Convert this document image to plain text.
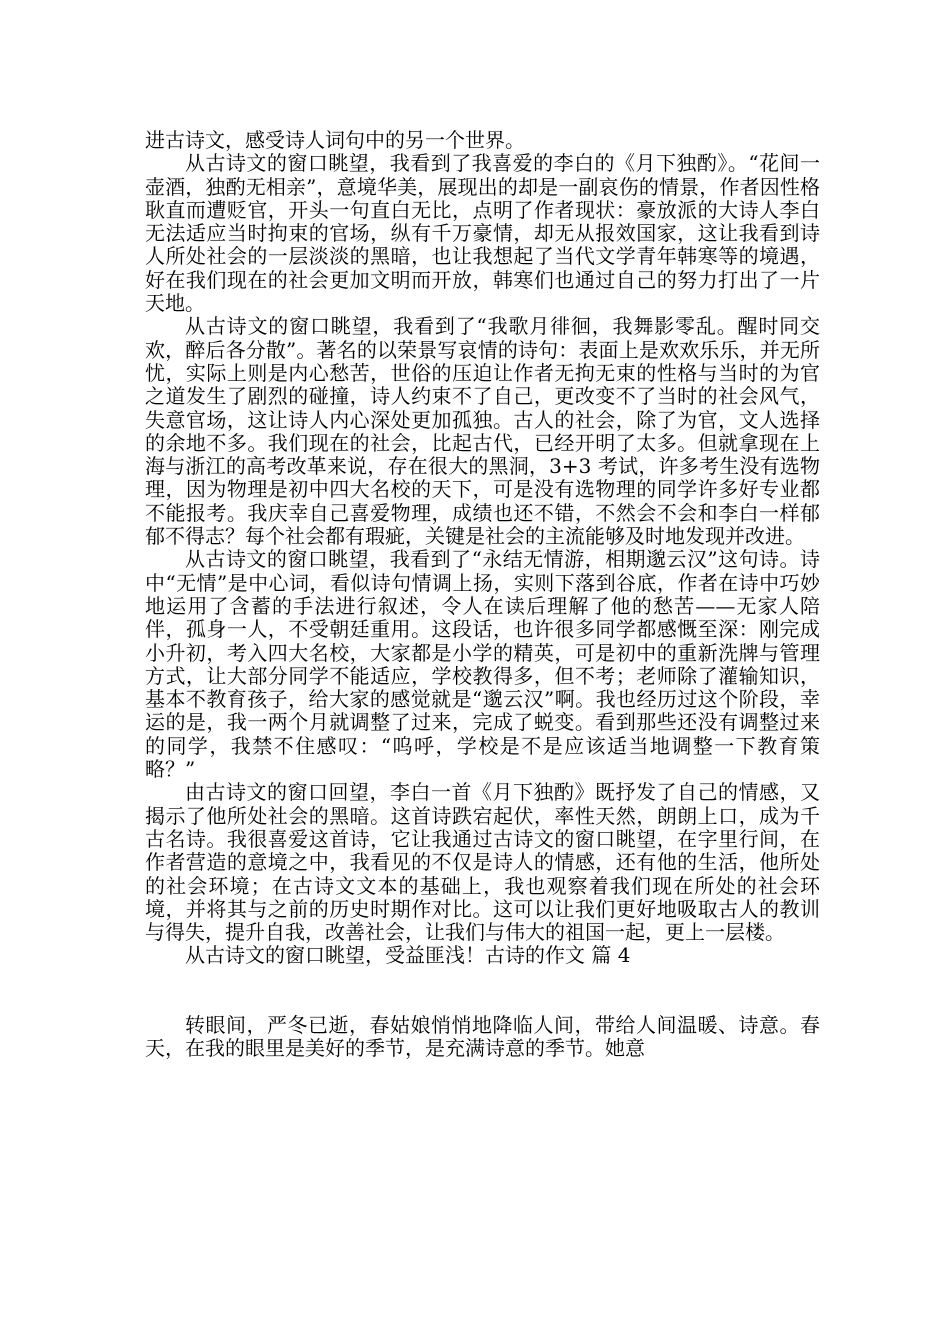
进古诗文，感受诗人词句中的另一个世界。

从古诗文的窗口眺望，我看到了我喜爱的李白的《月下独酌》。“花间一壶酒，独酌无相亲”，意境华美，展现出的却是一副哀伤的情景，作者因性格耿直而遭贬官，开头一句直白无比，点明了作者现状：豪放派的大诗人李白无法适应当时拘束的官场，纵有千万豪情，却无从报效国家，这让我看到诗人所处社会的一层淡淡的黑暗，也让我想起了当代文学青年韩寒等的境遇，好在我们现在的社会更加文明而开放，韩寒们也通过自己的努力打出了一片天地。

从古诗文的窗口眺望，我看到了“我歌月徘徊，我舞影零乱。醒时同交欢，醉后各分散”。著名的以荣景写哀情的诗句：表面上是欢欢乐乐，并无所忧，实际上则是内心愁苦，世俗的压迫让作者无拘无束的性格与当时的为官之道发生了剧烈的碰撞，诗人约束不了自己，更改变不了当时的社会风气，失意官场，这让诗人内心深处更加孤独。古人的社会，除了为官，文人选择的余地不多。我们现在的社会，比起古代，已经开明了太多。但就拿现在上海与浙江的高考改革来说，存在很大的黑洞，3+3 考试，许多考生没有选物理，因为物理是初中四大名校的天下，可是没有选物理的同学许多好专业都不能报考。我庆幸自己喜爱物理，成绩也还不错，不然会不会和李白一样郁郁不得志？每个社会都有瑕疵，关键是社会的主流能够及时地发现并改进。

从古诗文的窗口眺望，我看到了“永结无情游，相期邈云汉”这句诗。诗中“无情”是中心词，看似诗句情调上扬，实则下落到谷底，作者在诗中巧妙地运用了含蓄的手法进行叙述，令人在读后理解了他的愁苦——无家人陪伴，孤身一人，不受朝廷重用。这段话，也许很多同学都感慨至深：刚完成小升初，考入四大名校，大家都是小学的精英，可是初中的重新洗牌与管理方式，让大部分同学不能适应，学校教得多，但不考；老师除了灌输知识，基本不教育孩子，给大家的感觉就是“邈云汉”啊。我也经历过这个阶段，幸运的是，我一两个月就调整了过来，完成了蜕变。看到那些还没有调整过来的同学，我禁不住感叹：“呜呼，学校是不是应该适当地调整一下教育策略？”

由古诗文的窗口回望，李白一首《月下独酌》既抒发了自己的情感，又揭示了他所处社会的黑暗。这首诗跌宕起伏，率性天然，朗朗上口，成为千古名诗。我很喜爱这首诗，它让我通过古诗文的窗口眺望，在字里行间，在作者营造的意境之中，我看见的不仅是诗人的情感，还有他的生活，他所处的社会环境；在古诗文文本的基础上，我也观察着我们现在所处的社会环境，并将其与之前的历史时期作对比。这可以让我们更好地吸取古人的教训与得失，提升自我，改善社会，让我们与伟大的祖国一起，更上一层楼。

从古诗文的窗口眺望，受益匪浅！古诗的作文 篇 4

转眼间，严冬已逝，春姑娘悄悄地降临人间，带给人间温暖、诗意。春天，在我的眼里是美好的季节，是充满诗意的季节。她意
